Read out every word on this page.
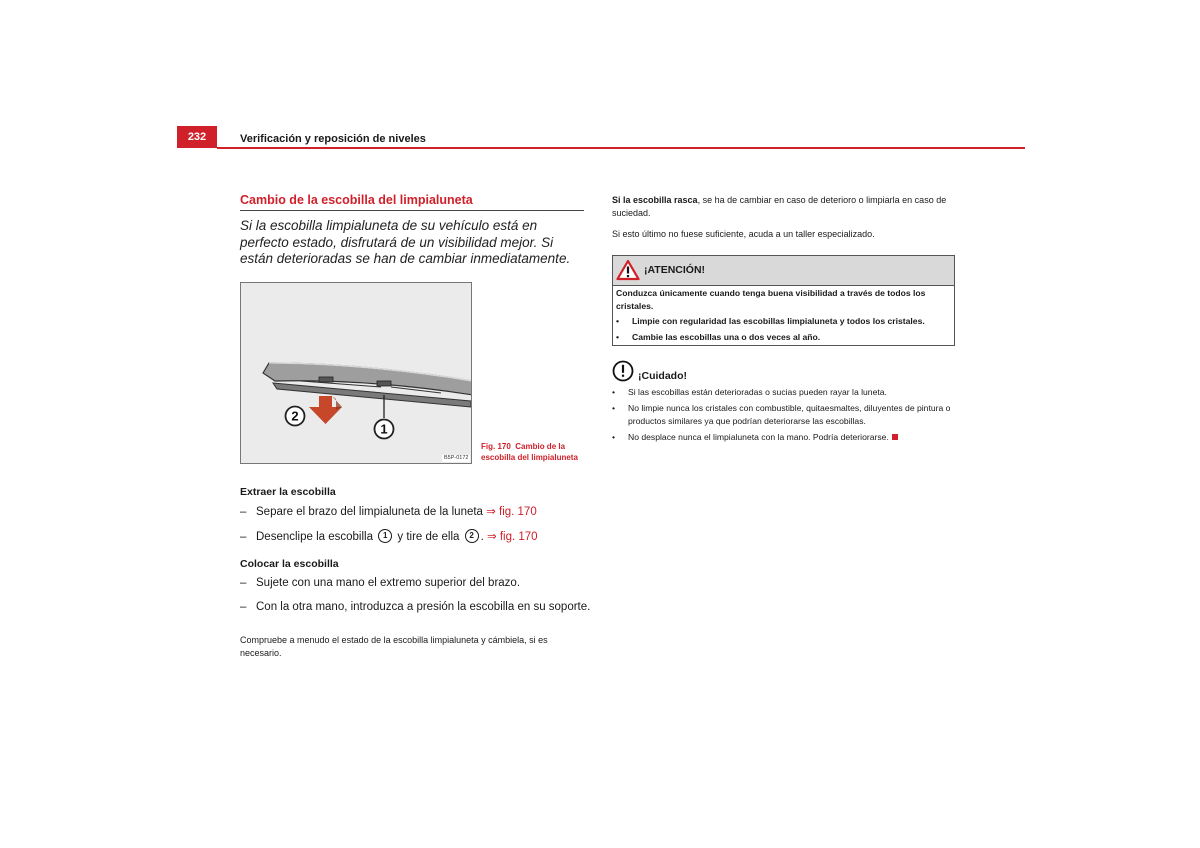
232	Verificación y reposición de niveles
Cambio de la escobilla del limpialuneta
Si la escobilla limpialuneta de su vehículo está en perfecto estado, disfrutará de un visibilidad mejor. Si están deterioradas se han de cambiar inmediatamente.
2
1
B5P-0172
Fig. 170 Cambio de la escobilla del limpialuneta
Extraer la escobilla
– Separe el brazo del limpialuneta de la luneta ⇒ fig. 170
– Desenclipe la escobilla 1 y tire de ella 2 . ⇒ fig. 170
Colocar la escobilla
– Sujete con una mano el extremo superior del brazo.
– Con la otra mano, introduzca a presión la escobilla en su soporte.
Compruebe a menudo el estado de la escobilla limpialuneta y cámbiela, si es necesario.
Si la escobilla rasca, se ha de cambiar en caso de deterioro o limpiarla en caso de suciedad.
Si esto último no fuese suficiente, acuda a un taller especializado.
¡ATENCIÓN!
Conduzca únicamente cuando tenga buena visibilidad a través de todos los cristales.
•	Limpie con regularidad las escobillas limpialuneta y todos los cristales.
•	Cambie las escobillas una o dos veces al año.
¡Cuidado!
•	Si las escobillas están deterioradas o sucias pueden rayar la luneta.
•	No limpie nunca los cristales con combustible, quitaesmaltes, diluyentes de pintura o productos similares ya que podrían deteriorarse las escobillas.
•	No desplace nunca el limpialuneta con la mano. Podría deteriorarse.
